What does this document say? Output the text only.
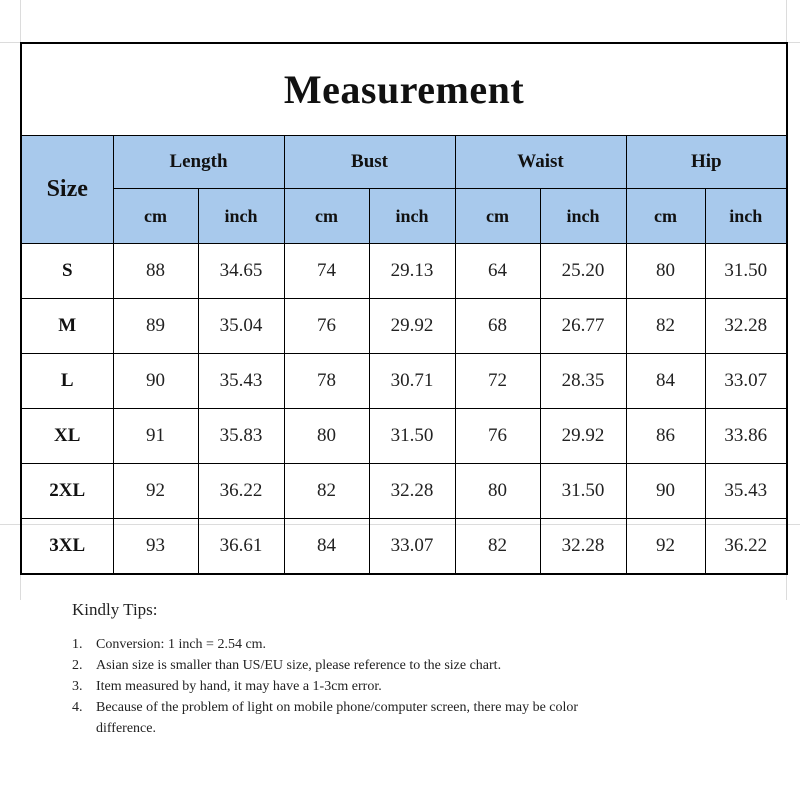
Measurement								
Size	Length		Bust		Waist		Hip	
	cm	inch	cm	inch	cm	inch	cm	inch
S	88	34.65	74	29.13	64	25.20	80	31.50
M	89	35.04	76	29.92	68	26.77	82	32.28
L	90	35.43	78	30.71	72	28.35	84	33.07
XL	91	35.83	80	31.50	76	29.92	86	33.86
2XL	92	36.22	82	32.28	80	31.50	90	35.43
3XL	93	36.61	84	33.07	82	32.28	92	36.22
Kindly Tips:
1. Conversion: 1 inch = 2.54 cm.
2. Asian size is smaller than US/EU size, please reference to the size chart.
3. Item measured by hand, it may have a 1-3cm error.
4. Because of the problem of light on mobile phone/computer screen, there may be color difference.
